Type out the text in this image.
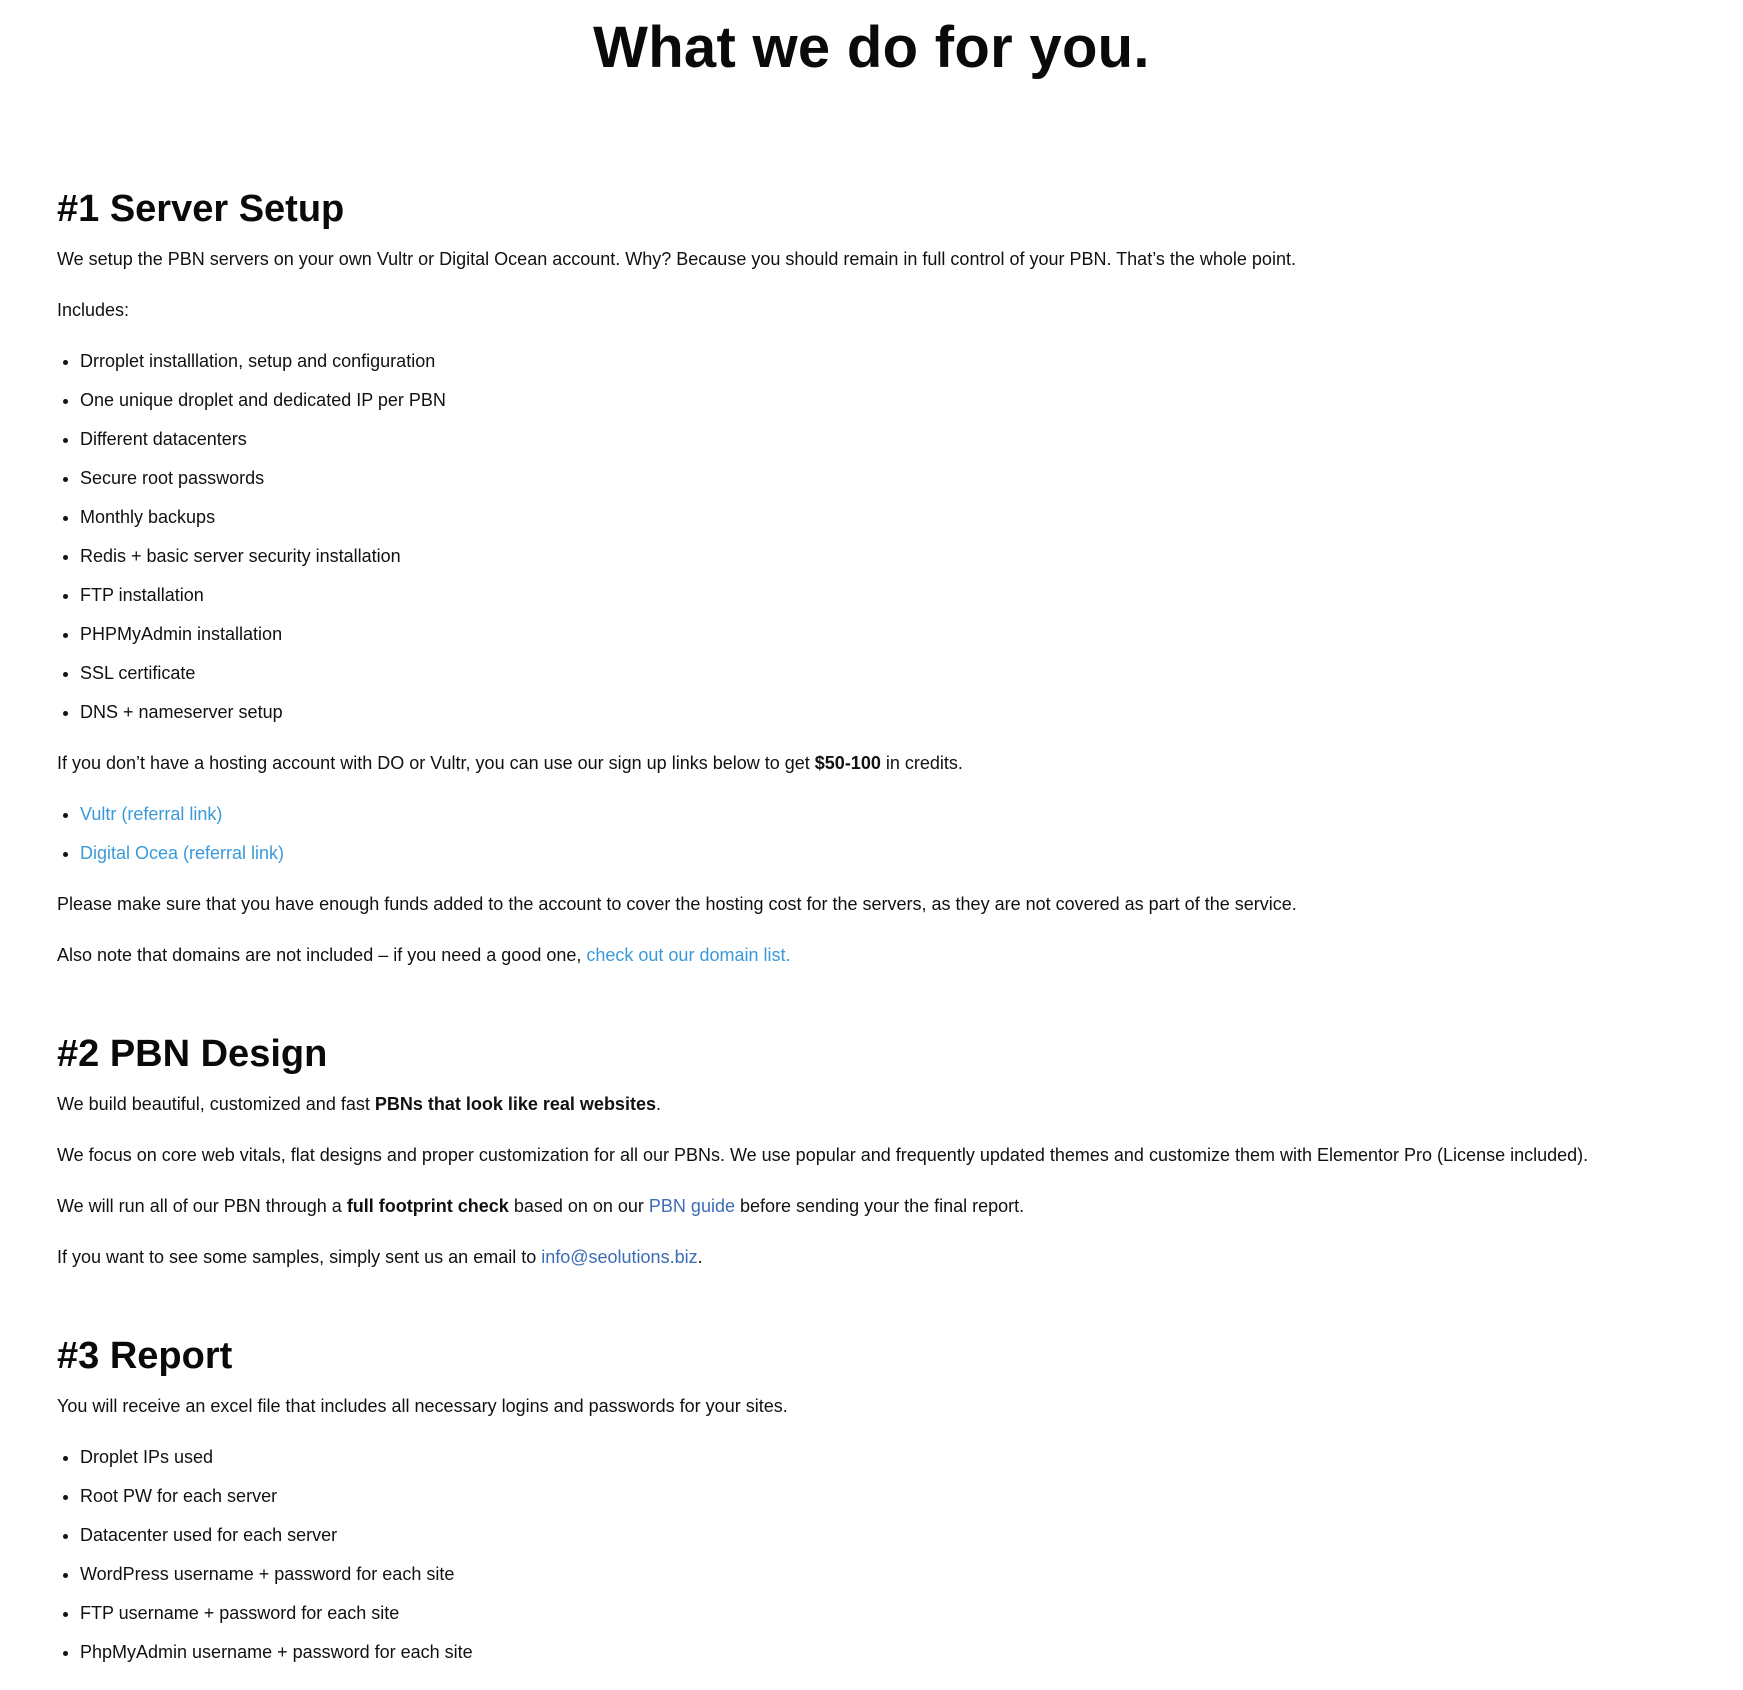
What we do for you.
#1 Server Setup

We setup the PBN servers on your own Vultr or Digital Ocean account. Why? Because you should remain in full control of your PBN. That’s the whole point.

Includes:

Drroplet installlation, setup and configuration
One unique droplet and dedicated IP per PBN
Different datacenters
Secure root passwords
Monthly backups
Redis + basic server security installation
FTP installation
PHPMyAdmin installation
SSL certificate
DNS + nameserver setup

If you don’t have a hosting account with DO or Vultr, you can use our sign up links below to get $50-100 in credits.

Vultr (referral link)
Digital Ocea (referral link)

Please make sure that you have enough funds added to the account to cover the hosting cost for the servers, as they are not covered as part of the service.

Also note that domains are not included – if you need a good one, check out our domain list.

#2 PBN Design

We build beautiful, customized and fast PBNs that look like real websites.

We focus on core web vitals, flat designs and proper customization for all our PBNs. We use popular and frequently updated themes and customize them with Elementor Pro (License included).

We will run all of our PBN through a full footprint check based on on our PBN guide before sending your the final report.

If you want to see some samples, simply sent us an email to info@seolutions.biz.

#3 Report

You will receive an excel file that includes all necessary logins and passwords for your sites.

Droplet IPs used
Root PW for each server
Datacenter used for each server
WordPress username + password for each site
FTP username + password for each site
PhpMyAdmin username + password for each site
